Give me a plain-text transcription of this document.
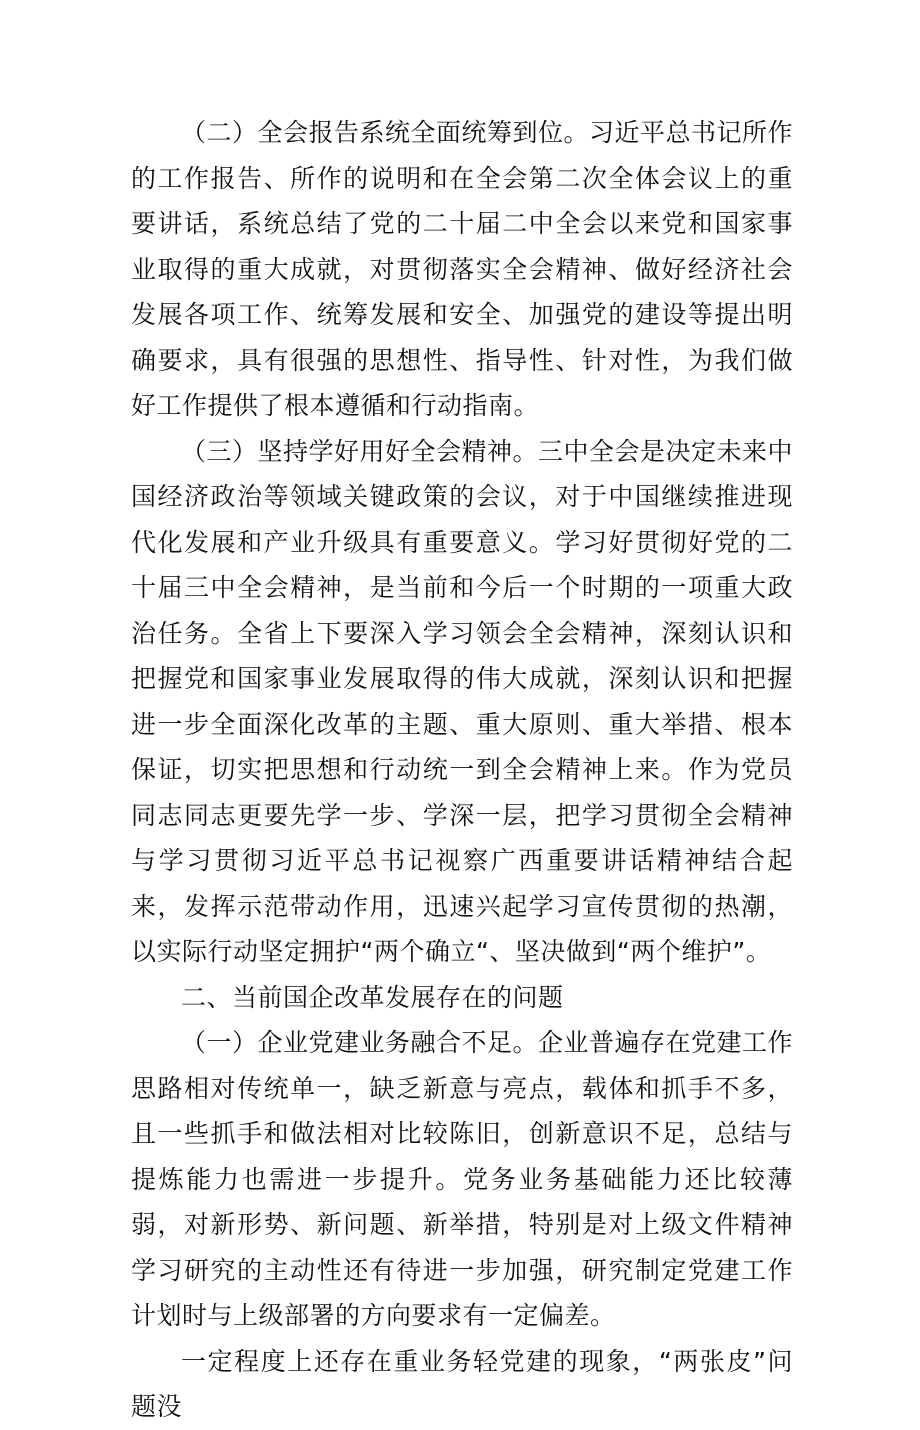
（二）全会报告系统全面统筹到位。习近平总书记所作的工作报告、所作的说明和在全会第二次全体会议上的重要讲话，系统总结了党的二十届二中全会以来党和国家事业取得的重大成就，对贯彻落实全会精神、做好经济社会发展各项工作、统筹发展和安全、加强党的建设等提出明确要求，具有很强的思想性、指导性、针对性，为我们做好工作提供了根本遵循和行动指南。

（三）坚持学好用好全会精神。三中全会是决定未来中国经济政治等领域关键政策的会议，对于中国继续推进现代化发展和产业升级具有重要意义。学习好贯彻好党的二十届三中全会精神，是当前和今后一个时期的一项重大政治任务。全省上下要深入学习领会全会精神，深刻认识和把握党和国家事业发展取得的伟大成就，深刻认识和把握进一步全面深化改革的主题、重大原则、重大举措、根本保证，切实把思想和行动统一到全会精神上来。作为党员同志同志更要先学一步、学深一层，把学习贯彻全会精神与学习贯彻习近平总书记视察广西重要讲话精神结合起来，发挥示范带动作用，迅速兴起学习宣传贯彻的热潮，以实际行动坚定拥护“两个确立“、坚决做到“两个维护”。

二、当前国企改革发展存在的问题

（一）企业党建业务融合不足。企业普遍存在党建工作思路相对传统单一，缺乏新意与亮点，载体和抓手不多，且一些抓手和做法相对比较陈旧，创新意识不足，总结与提炼能力也需进一步提升。党务业务基础能力还比较薄弱，对新形势、新问题、新举措，特别是对上级文件精神学习研究的主动性还有待进一步加强，研究制定党建工作计划时与上级部署的方向要求有一定偏差。

一定程度上还存在重业务轻党建的现象，“两张皮”问题没
